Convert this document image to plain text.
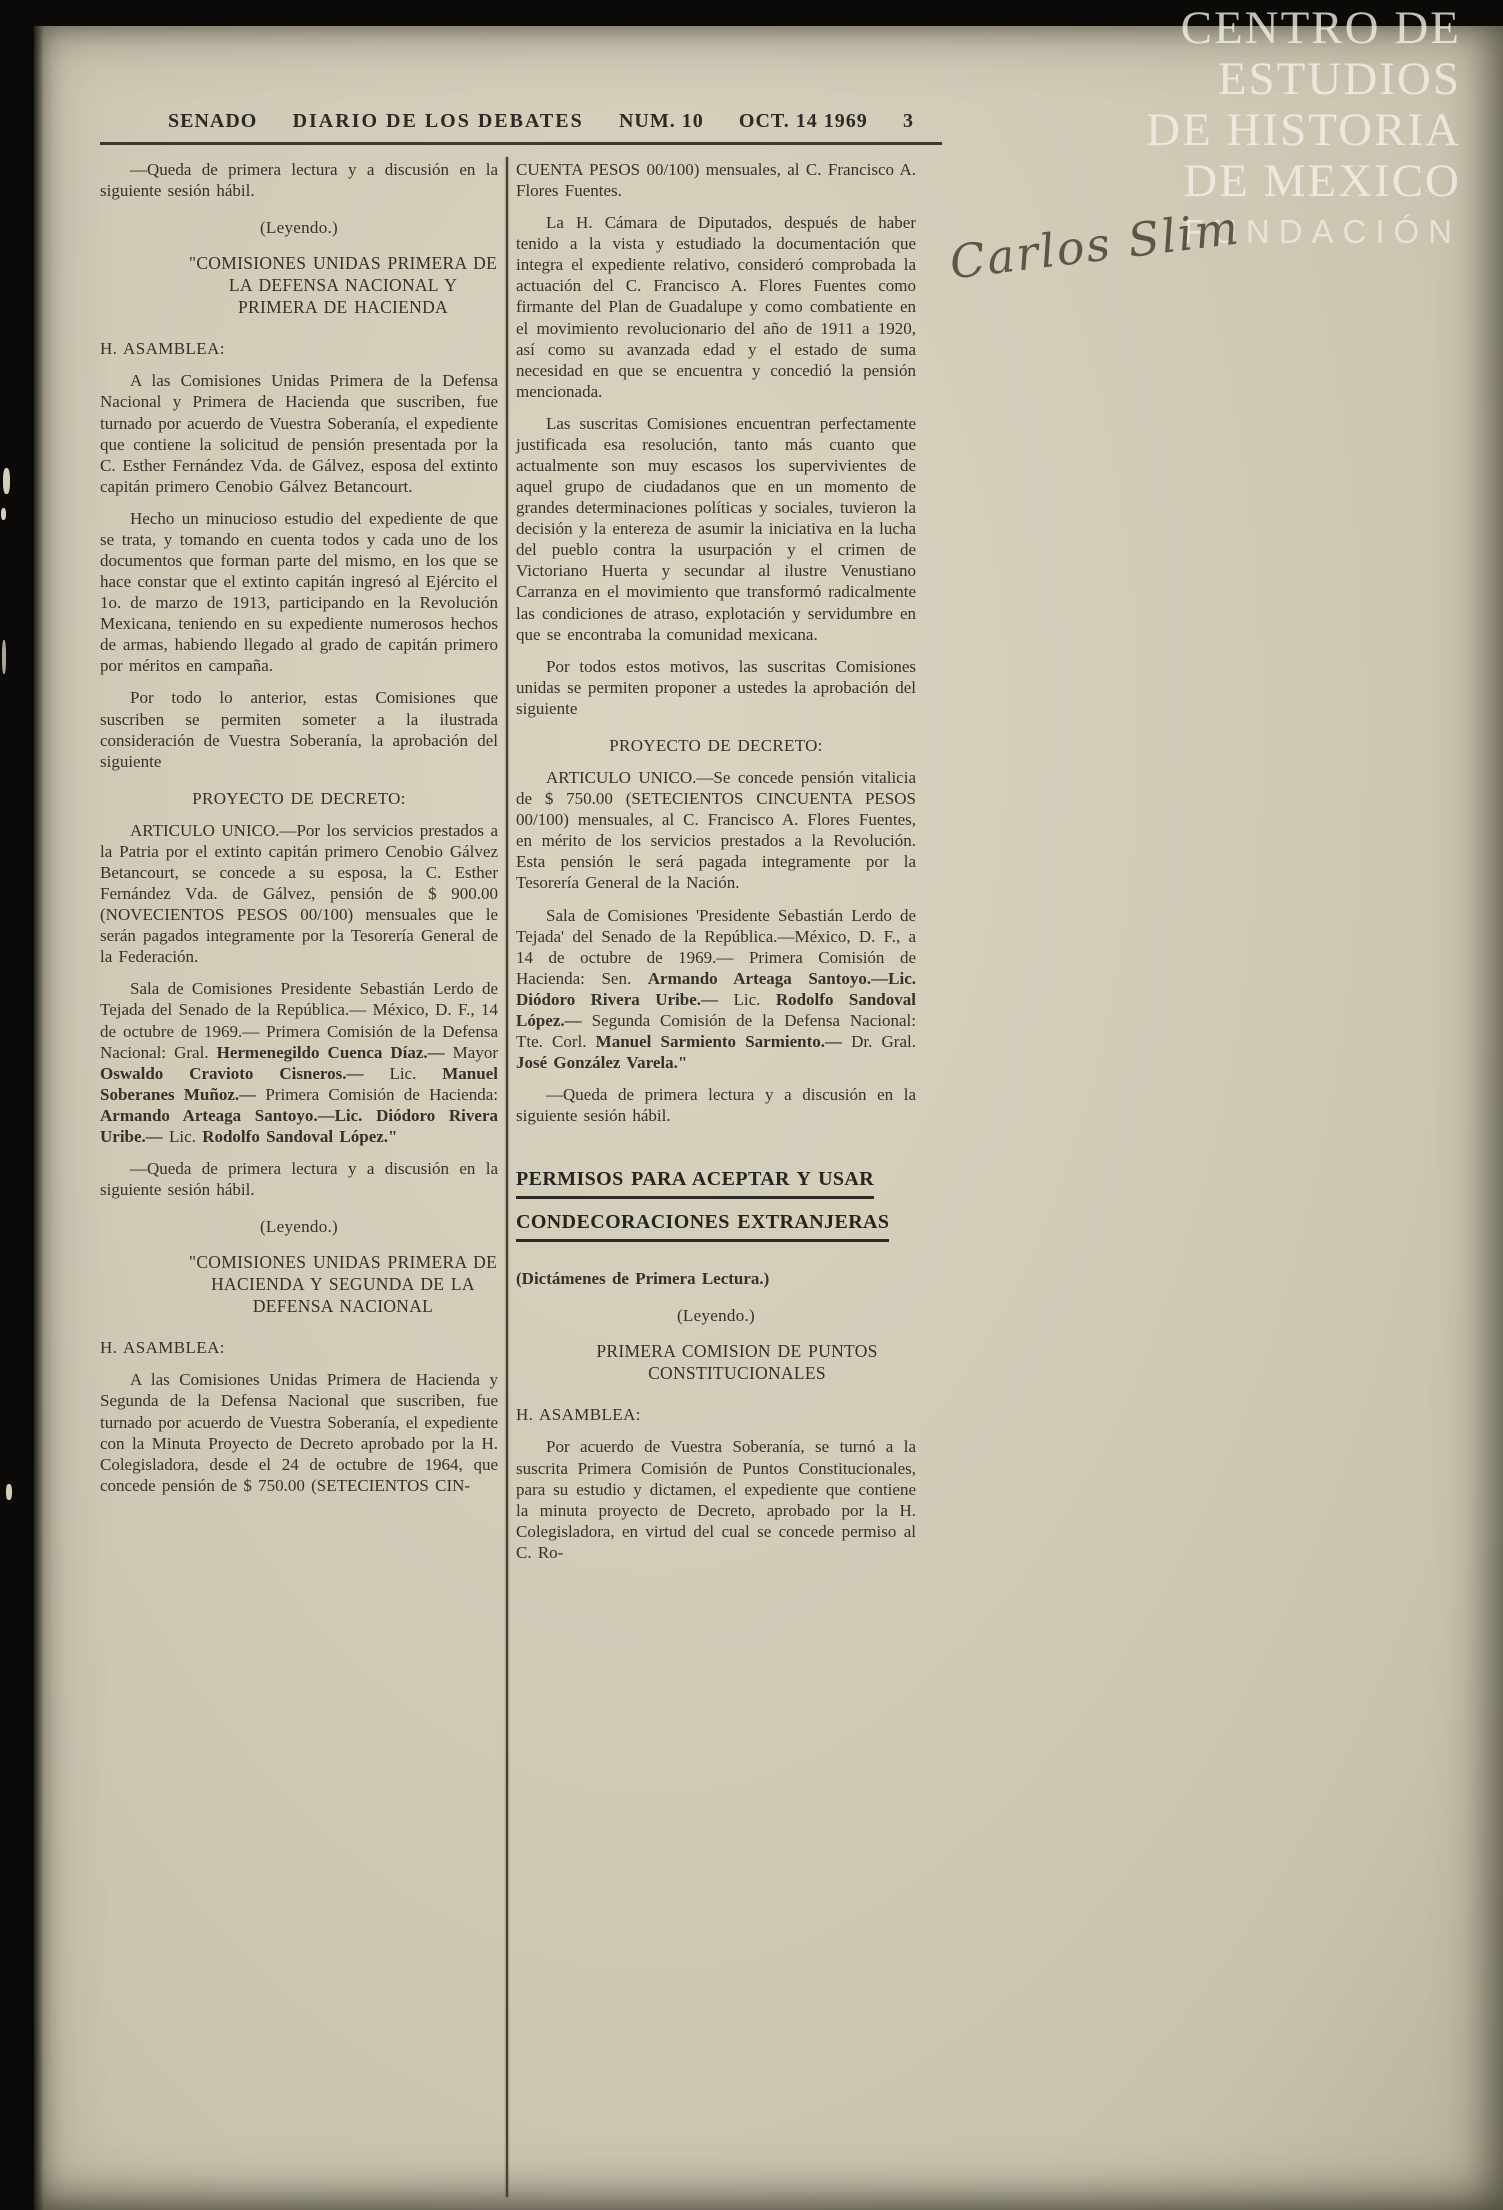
SENADO DIARIO DE LOS DEBATES NUM. 10 OCT. 14 1969 3

—Queda de primera lectura y a discusión en la siguiente sesión hábil.

(Leyendo.)

"COMISIONES UNIDAS PRIMERA DE LA DEFENSA NACIONAL Y PRIMERA DE HACIENDA

H. ASAMBLEA:

A las Comisiones Unidas Primera de la Defensa Nacional y Primera de Hacienda que suscriben, fue turnado por acuerdo de Vuestra Soberanía, el expediente que contiene la solicitud de pensión presentada por la C. Esther Fernández Vda. de Gálvez, esposa del extinto capitán primero Cenobio Gálvez Betancourt.

Hecho un minucioso estudio del expediente de que se trata, y tomando en cuenta todos y cada uno de los documentos que forman parte del mismo, en los que se hace constar que el extinto capitán ingresó al Ejército el 1o. de marzo de 1913, participando en la Revolución Mexicana, teniendo en su expediente numerosos hechos de armas, habiendo llegado al grado de capitán primero por méritos en campaña.

Por todo lo anterior, estas Comisiones que suscriben se permiten someter a la ilustrada consideración de Vuestra Soberanía, la aprobación del siguiente

PROYECTO DE DECRETO:

ARTICULO UNICO.—Por los servicios prestados a la Patria por el extinto capitán primero Cenobio Gálvez Betancourt, se concede a su esposa, la C. Esther Fernández Vda. de Gálvez, pensión de $ 900.00 (NOVECIENTOS PESOS 00/100) mensuales que le serán pagados integramente por la Tesorería General de la Federación.

Sala de Comisiones Presidente Sebastián Lerdo de Tejada del Senado de la República.— México, D. F., 14 de octubre de 1969.— Primera Comisión de la Defensa Nacional: Gral. Hermenegildo Cuenca Díaz.— Mayor Oswaldo Cravioto Cisneros.— Lic. Manuel Soberanes Muñoz.— Primera Comisión de Hacienda: Armando Arteaga Santoyo.—Lic. Diódoro Rivera Uribe.— Lic. Rodolfo Sandoval López."

—Queda de primera lectura y a discusión en la siguiente sesión hábil.

(Leyendo.)

"COMISIONES UNIDAS PRIMERA DE HACIENDA Y SEGUNDA DE LA DEFENSA NACIONAL

H. ASAMBLEA:

A las Comisiones Unidas Primera de Hacienda y Segunda de la Defensa Nacional que suscriben, fue turnado por acuerdo de Vuestra Soberanía, el expediente con la Minuta Proyecto de Decreto aprobado por la H. Colegisladora, desde el 24 de octubre de 1964, que concede pensión de $ 750.00 (SETECIENTOS CIN-

CUENTA PESOS 00/100) mensuales, al C. Francisco A. Flores Fuentes.

La H. Cámara de Diputados, después de haber tenido a la vista y estudiado la documentación que integra el expediente relativo, consideró comprobada la actuación del C. Francisco A. Flores Fuentes como firmante del Plan de Guadalupe y como combatiente en el movimiento revolucionario del año de 1911 a 1920, así como su avanzada edad y el estado de suma necesidad en que se encuentra y concedió la pensión mencionada.

Las suscritas Comisiones encuentran perfectamente justificada esa resolución, tanto más cuanto que actualmente son muy escasos los supervivientes de aquel grupo de ciudadanos que en un momento de grandes determinaciones políticas y sociales, tuvieron la decisión y la entereza de asumir la iniciativa en la lucha del pueblo contra la usurpación y el crimen de Victoriano Huerta y secundar al ilustre Venustiano Carranza en el movimiento que transformó radicalmente las condiciones de atraso, explotación y servidumbre en que se encontraba la comunidad mexicana.

Por todos estos motivos, las suscritas Comisiones unidas se permiten proponer a ustedes la aprobación del siguiente

PROYECTO DE DECRETO:

ARTICULO UNICO.—Se concede pensión vitalicia de $ 750.00 (SETECIENTOS CINCUENTA PESOS 00/100) mensuales, al C. Francisco A. Flores Fuentes, en mérito de los servicios prestados a la Revolución. Esta pensión le será pagada integramente por la Tesorería General de la Nación.

Sala de Comisiones 'Presidente Sebastián Lerdo de Tejada' del Senado de la República.—México, D. F., a 14 de octubre de 1969.— Primera Comisión de Hacienda: Sen. Armando Arteaga Santoyo.—Lic. Diódoro Rivera Uribe.— Lic. Rodolfo Sandoval López.— Segunda Comisión de la Defensa Nacional: Tte. Corl. Manuel Sarmiento Sarmiento.— Dr. Gral. José González Varela."

—Queda de primera lectura y a discusión en la siguiente sesión hábil.

PERMISOS PARA ACEPTAR Y USAR
CONDECORACIONES EXTRANJERAS

(Dictámenes de Primera Lectura.)

(Leyendo.)

PRIMERA COMISION DE PUNTOS CONSTITUCIONALES

H. ASAMBLEA:

Por acuerdo de Vuestra Soberanía, se turnó a la suscrita Primera Comisión de Puntos Constitucionales, para su estudio y dictamen, el expediente que contiene la minuta proyecto de Decreto, aprobado por la H. Colegisladora, en virtud del cual se concede permiso al C. Ro-

CENTRO DE
ESTUDIOS
DE HISTORIA
DE MEXICO
FUNDACIÓN
Carlos Slim
